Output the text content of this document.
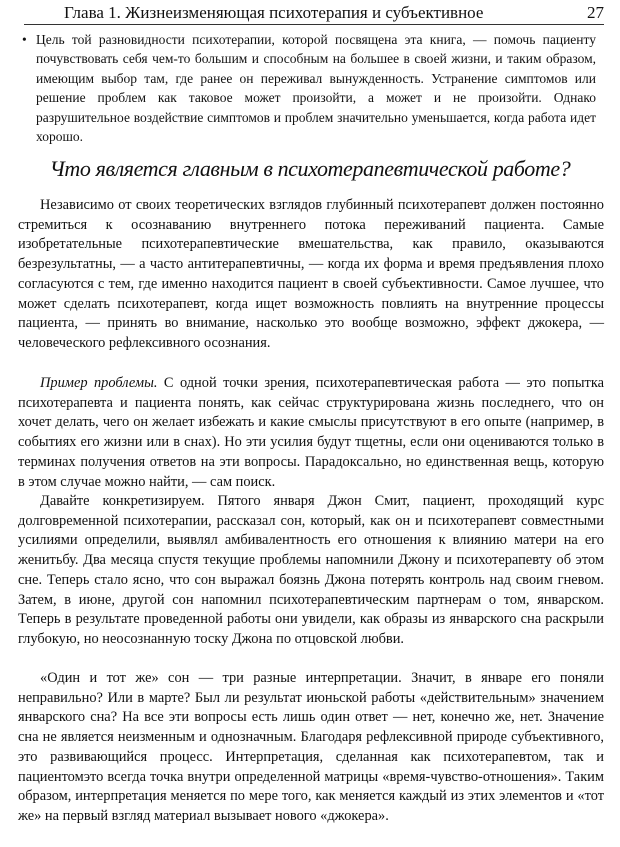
Глава 1. Жизнеизменяющая психотерапия и субъективное	27
• Цель той разновидности психотерапии, которой посвящена эта книга, — помочь пациенту почувствовать себя чем-то большим и способным на большее в своей жизни, и таким образом, имеющим выбор там, где ранее он переживал вынужденность. Устранение симптомов или решение проблем как таковое может произойти, а может и не произойти. Однако разрушительное воздействие симптомов и проблем значительно уменьшается, когда работа идет хорошо.
Что является главным в психотерапевтической работе?
Независимо от своих теоретических взглядов глубинный психотерапевт должен постоянно стремиться к осознаванию внутреннего потока переживаний пациента. Самые изобретательные психотерапевтические вмешательства, как правило, оказываются безрезультатны, — а часто антитерапевтичны, — когда их форма и время предъявления плохо согласуются с тем, где именно находится пациент в своей субъективности. Самое лучшее, что может сделать психотерапевт, когда ищет возможность повлиять на внутренние процессы пациента, — принять во внимание, насколько это вообще возможно, эффект джокера, — человеческого рефлексивного осознания.
Пример проблемы. С одной точки зрения, психотерапевтическая работа — это попытка психотерапевта и пациента понять, как сейчас структурирована жизнь последнего, что он хочет делать, чего он желает избежать и какие смыслы присутствуют в его опыте (например, в событиях его жизни или в снах). Но эти усилия будут тщетны, если они оцениваются только в терминах получения ответов на эти вопросы. Парадоксально, но единственная вещь, которую в этом случае можно найти, — сам поиск.
Давайте конкретизируем. Пятого января Джон Смит, пациент, проходящий курс долговременной психотерапии, рассказал сон, который, как он и психотерапевт совместными усилиями определили, выявлял амбивалентность его отношения к влиянию матери на его женитьбу. Два месяца спустя текущие проблемы напомнили Джону и психотерапевту об этом сне. Теперь стало ясно, что сон выражал боязнь Джона потерять контроль над своим гневом. Затем, в июне, другой сон напомнил психотерапевтическим партнерам о том, январском. Теперь в результате проведенной работы они увидели, как образы из январского сна раскрыли глубокую, но неосознанную тоску Джона по отцовской любви.
«Один и тот же» сон — три разные интерпретации. Значит, в январе его поняли неправильно? Или в марте? Был ли результат июньской работы «действительным» значением январского сна? На все эти вопросы есть лишь один ответ — нет, конечно же, нет. Значение сна не является неизменным и однозначным. Благодаря рефлексивной природе субъективного, это развивающийся процесс. Интерпретация, сделанная как психотерапевтом, так и пациентомэто всегда точка внутри определенной матрицы «время-чувство-отношения». Таким образом, интерпретация меняется по мере того, как меняется каждый из этих элементов и «тот же» на первый взгляд материал вызывает нового «джокера».
